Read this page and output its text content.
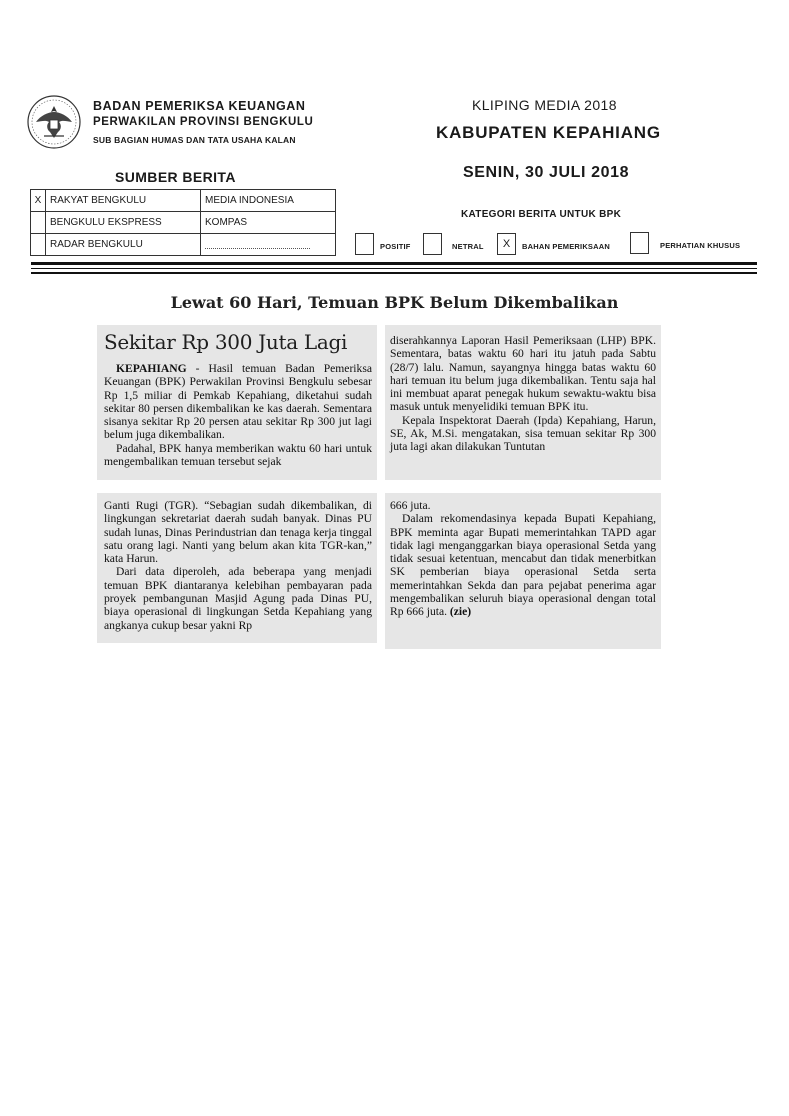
BADAN PEMERIKSA KEUANGAN
PERWAKILAN PROVINSI BENGKULU
SUB BAGIAN HUMAS DAN TATA USAHA KALAN
KLIPING MEDIA 2018
KABUPATEN KEPAHIANG
SENIN, 30 JULI 2018
SUMBER BERITA
X	RAKYAT BENGKULU	MEDIA INDONESIA
	BENGKULU EKSPRESS	KOMPAS
	RADAR BENGKULU	
KATEGORI BERITA UNTUK BPK
POSITIF	NETRAL	X	BAHAN PEMERIKSAAN	PERHATIAN KHUSUS
Lewat 60 Hari, Temuan BPK Belum Dikembalikan
Sekitar Rp 300 Juta Lagi

KEPAHIANG - Hasil temuan Badan Pemeriksa Keuangan (BPK) Perwakilan Provinsi Bengkulu sebesar Rp 1,5 miliar di Pemkab Kepahiang, diketahui sudah sekitar 80 persen dikembalikan ke kas daerah. Sementara sisanya sekitar Rp 20 persen atau sekitar Rp 300 jut lagi belum juga dikembalikan.

Padahal, BPK hanya memberikan waktu 60 hari untuk mengembalikan temuan tersebut sejak

diserahkannya Laporan Hasil Pemeriksaan (LHP) BPK. Sementara, batas waktu 60 hari itu jatuh pada Sabtu (28/7) lalu. Namun, sayangnya hingga batas waktu 60 hari temuan itu belum juga dikembalikan. Tentu saja hal ini membuat aparat penegak hukum sewaktu-waktu bisa masuk untuk menyelidiki temuan BPK itu.

Kepala Inspektorat Daerah (Ipda) Kepahiang, Harun, SE, Ak, M.Si. mengatakan, sisa temuan sekitar Rp 300 juta lagi akan dilakukan Tuntutan

Ganti Rugi (TGR). “Sebagian sudah dikembalikan, di lingkungan sekretariat daerah sudah banyak. Dinas PU sudah lunas, Dinas Perindustrian dan tenaga kerja tinggal satu orang lagi. Nanti yang belum akan kita TGR-kan,” kata Harun.

Dari data diperoleh, ada beberapa yang menjadi temuan BPK diantaranya kelebihan pembayaran pada proyek pembangunan Masjid Agung pada Dinas PU, biaya operasional di lingkungan Setda Kepahiang yang angkanya cukup besar yakni Rp

666 juta.

Dalam rekomendasinya kepada Bupati Kepahiang, BPK meminta agar Bupati memerintahkan TAPD agar tidak lagi menganggarkan biaya operasional Setda yang tidak sesuai ketentuan, mencabut dan tidak menerbitkan SK pemberian biaya operasional Setda serta memerintahkan Sekda dan para pejabat penerima agar mengembalikan seluruh biaya operasional dengan total Rp 666 juta. (zie)
